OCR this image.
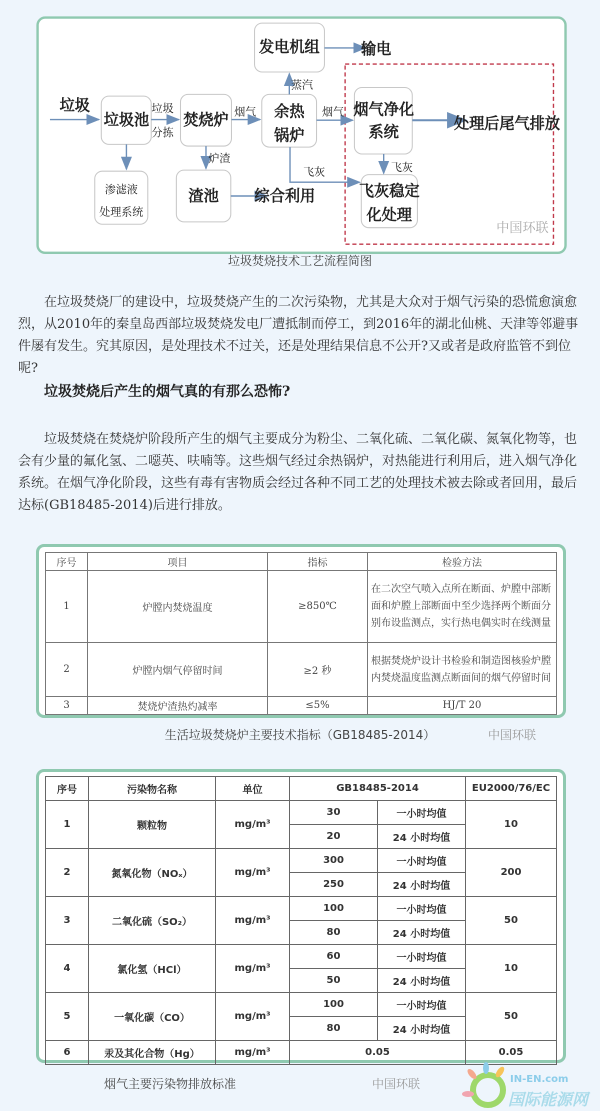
发电机组 输电
垃圾
垃圾池 焚烧炉 余热
锅炉
烟气净化
系统 处理后尾气排放
渣池 综合利用 飞灰稳定
化处理
渗滤液
处理系统
垃圾
分拣
烟气 烟气
蒸汽
炉渣
飞灰 飞灰
中国环联
垃圾焚烧技术工艺流程简图

在垃圾焚烧厂的建设中，垃圾焚烧产生的二次污染物，尤其是大众对于烟气污染的恐慌愈演愈烈，从2010年的秦皇岛西部垃圾焚烧发电厂遭抵制而停工，到2016年的湖北仙桃、天津等邻避事件屡有发生。究其原因，是处理技术不过关，还是处理结果信息不公开?又或者是政府监管不到位呢?

垃圾焚烧后产生的烟气真的有那么恐怖?

垃圾焚烧在焚烧炉阶段所产生的烟气主要成分为粉尘、二氧化硫、二氧化碳、氮氧化物等，也会有少量的氟化氢、二噁英、呋喃等。这些烟气经过余热锅炉，对热能进行利用后，进入烟气净化系统。在烟气净化阶段，这些有毒有害物质会经过各种不同工艺的处理技术被去除或者回用，最后达标(GB18485-2014)后进行排放。

序号	项目	指标	检验方法
1	炉膛内焚烧温度	≥850℃	在二次空气喷入点所在断面、炉膛中部断面和炉膛上部断面中至少选择两个断面分别布设监测点，实行热电偶实时在线测量
2	炉膛内烟气停留时间	≥2 秒	根据焚烧炉设计书检验和制造图核验炉膛内焚烧温度监测点断面间的烟气停留时间
3	焚烧炉渣热灼减率	≤5%	HJ/T 20
中国环联
生活垃圾焚烧炉主要技术指标（GB18485-2014）
序号	污染物名称	单位	GB18485-2014		EU2000/76/EC
1	颗粒物	mg/m³	30	一小时均值	10
			20	24 小时均值	
2	氮氧化物（NOₓ）	mg/m³	300	一小时均值	200
			250	24 小时均值	
3	二氧化硫（SO₂）	mg/m³	100	一小时均值	50
			80	24 小时均值	
4	氯化氢（HCl）	mg/m³	60	一小时均值	10
			50	24 小时均值	
5	一氧化碳（CO）	mg/m³	100	一小时均值	50
			80	24 小时均值	
6	汞及其化合物（Hg）	mg/m³	0.05		0.05
烟气主要污染物排放标准	中国环联	IN-EN.com
国际能源网
